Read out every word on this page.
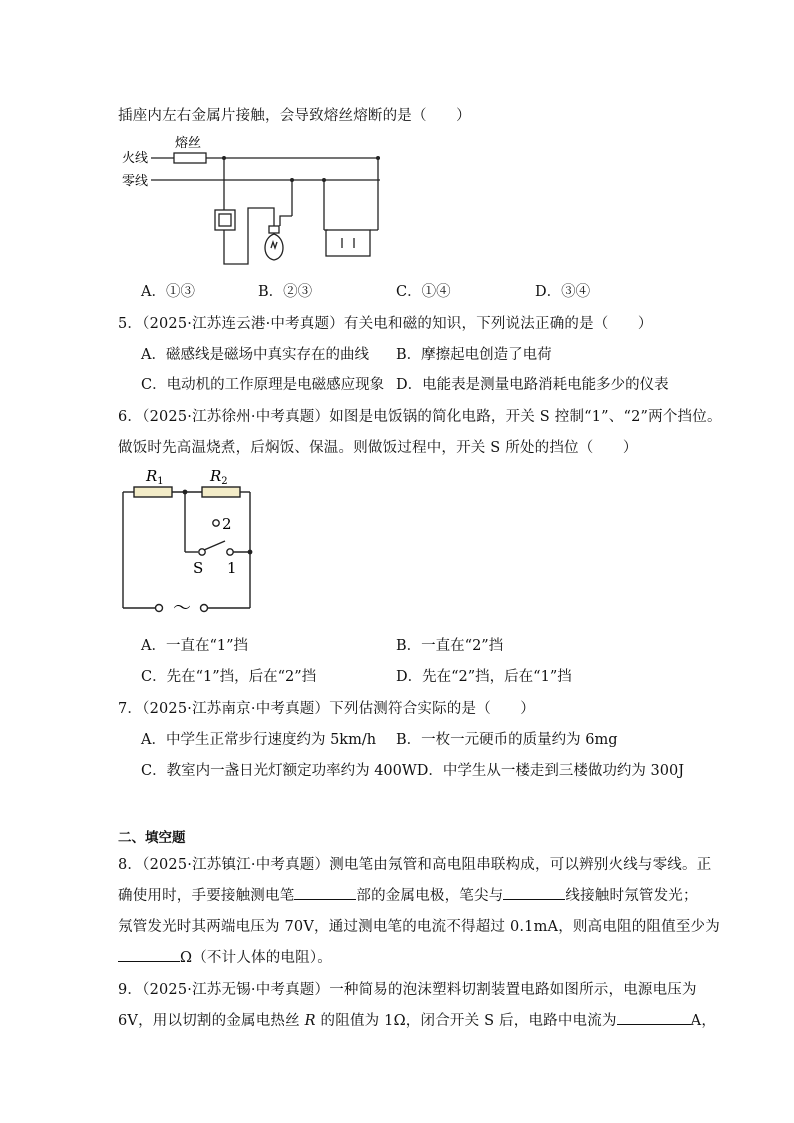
插座内左右金属片接触，会导致熔丝熔断的是（　　）
熔丝
火线
零线
A．①③	B．②③	C．①④	D．③④
5．（2025·江苏连云港·中考真题）有关电和磁的知识，下列说法正确的是（　　）
A．磁感线是磁场中真实存在的曲线 B．摩擦起电创造了电荷
C．电动机的工作原理是电磁感应现象 D．电能表是测量电路消耗电能多少的仪表
6．（2025·江苏徐州·中考真题）如图是电饭锅的简化电路，开关 S 控制“1”、“2”两个挡位。
做饭时先高温烧煮，后焖饭、保温。则做饭过程中，开关 S 所处的挡位（　　）
$R_1$	$R_2$
2
S 1
～
A．一直在“1”挡	B．一直在“2”挡
C．先在“1”挡，后在“2”挡	D．先在“2”挡，后在“1”挡
7．（2025·江苏南京·中考真题）下列估测符合实际的是（　　）
A．中学生正常步行速度约为 5km/h B．一枚一元硬币的质量约为 6mg
C．教室内一盏日光灯额定功率约为 400WD．中学生从一楼走到三楼做功约为 300J
二、填空题
8．（2025·江苏镇江·中考真题）测电笔由氖管和高电阻串联构成，可以辨别火线与零线。正
确使用时，手要接触测电笔	部的金属电极，笔尖与	线接触时氖管发光；
氖管发光时其两端电压为 70V，通过测电笔的电流不得超过 0.1mA，则高电阻的阻值至少为
Ω（不计人体的电阻）。
9．（2025·江苏无锡·中考真题）一种简易的泡沫塑料切割装置电路如图所示，电源电压为
6V，用以切割的金属电热丝 R 的阻值为 1Ω，闭合开关 S 后，电路中电流为	A，
